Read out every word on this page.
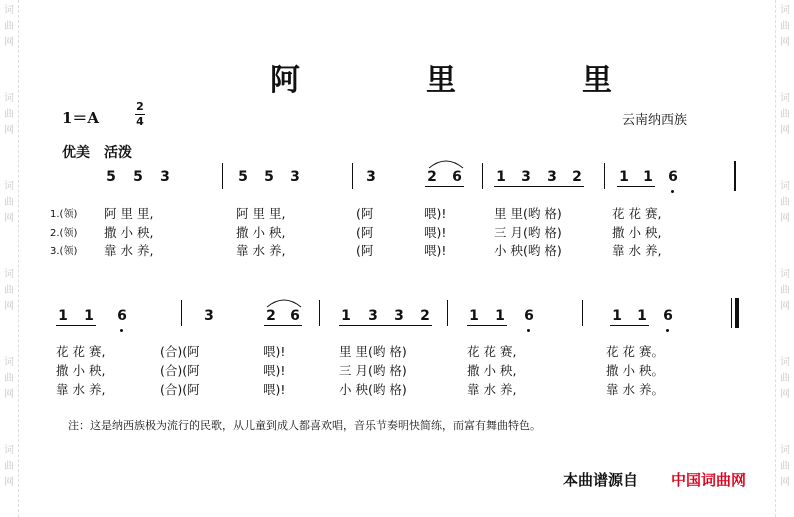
词	词
曲	曲
网	网
词	词
曲	曲
网	网
词	词
曲	曲
网	网
词	词
曲	曲
网	网
词	词
曲	曲
网	网
词	词
曲	曲
网	网
阿　里　里
1＝A
2
4	云南纳西族
优美　活泼
5 5 3	5 5 3	3	2 6 1 3 3 2	1 1 6
1.(领) 阿 里 里,	阿 里 里,	(阿	喂)!	里 里(哟 格)	花 花 赛,
2.(领) 撒 小 秧,	撒 小 秧,	(阿	喂)!	三 月(哟 格)	撒 小 秧,
3.(领) 靠 水 养,	靠 水 养,	(阿	喂)!	小 秧(哟 格)	靠 水 养,
1 1 6	3	2 6	1 3 3 2	1 1 6	1 1 6
花 花 赛,	(合)(阿	喂)!	里 里(哟 格)	花 花 赛,	花 花 赛。
撒 小 秧,	(合)(阿	喂)!	三 月(哟 格)	撒 小 秧,	撒 小 秧。
靠 水 养,	(合)(阿	喂)!	小 秧(哟 格)	靠 水 养,	靠 水 养。
注：这是纳西族极为流行的民歌，从儿童到成人都喜欢唱，音乐节奏明快简练，而富有舞曲特色。
本曲谱源自 中国词曲网
